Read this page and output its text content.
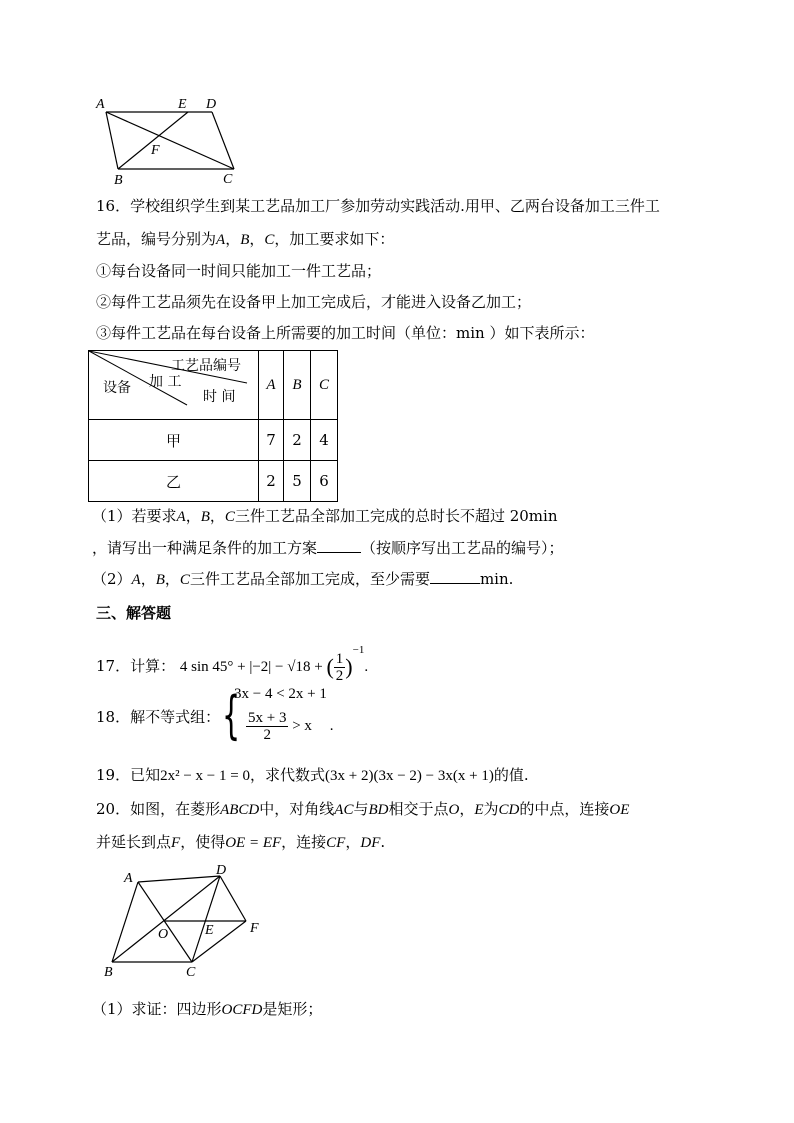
A	E D
F
B	C
16．学校组织学生到某工艺品加工厂参加劳动实践活动.用甲、乙两台设备加工三件工
艺品，编号分别为A，B，C，加工要求如下：
①每台设备同一时间只能加工一件工艺品；
②每件工艺品须先在设备甲上加工完成后，才能进入设备乙加工；
③每件工艺品在每台设备上所需要的加工时间（单位：min ）如下表所示：
工艺品编号
加 工
时 间
设备	A	B	C
甲	7	2	4
乙	2	5	6
（1）若要求A，B，C三件工艺品全部加工完成的总时长不超过 20min
，请写出一种满足条件的加工方案	（按顺序写出工艺品的编号）；
（2）A，B，C三件工艺品全部加工完成，至少需要	min.
三、解答题
17．计算： 4 sin 45° + |−2| − √18 + ( $\frac{1}{2} )^{-1}$.
18．解不等式组： {
3x − 4 < 2x + 1
$\frac{5x + 3}{2} > x$ .
19．已知2x² − x − 1 = 0，求代数式(3x + 2)(3x − 2) − 3x(x + 1)的值.
20．如图，在菱形ABCD中，对角线AC与BD相交于点O，E为CD的中点，连接OE
并延长到点F，使得OE = EF，连接CF，DF.
A
D
O	E	F
B	C
（1）求证：四边形OCFD是矩形；
